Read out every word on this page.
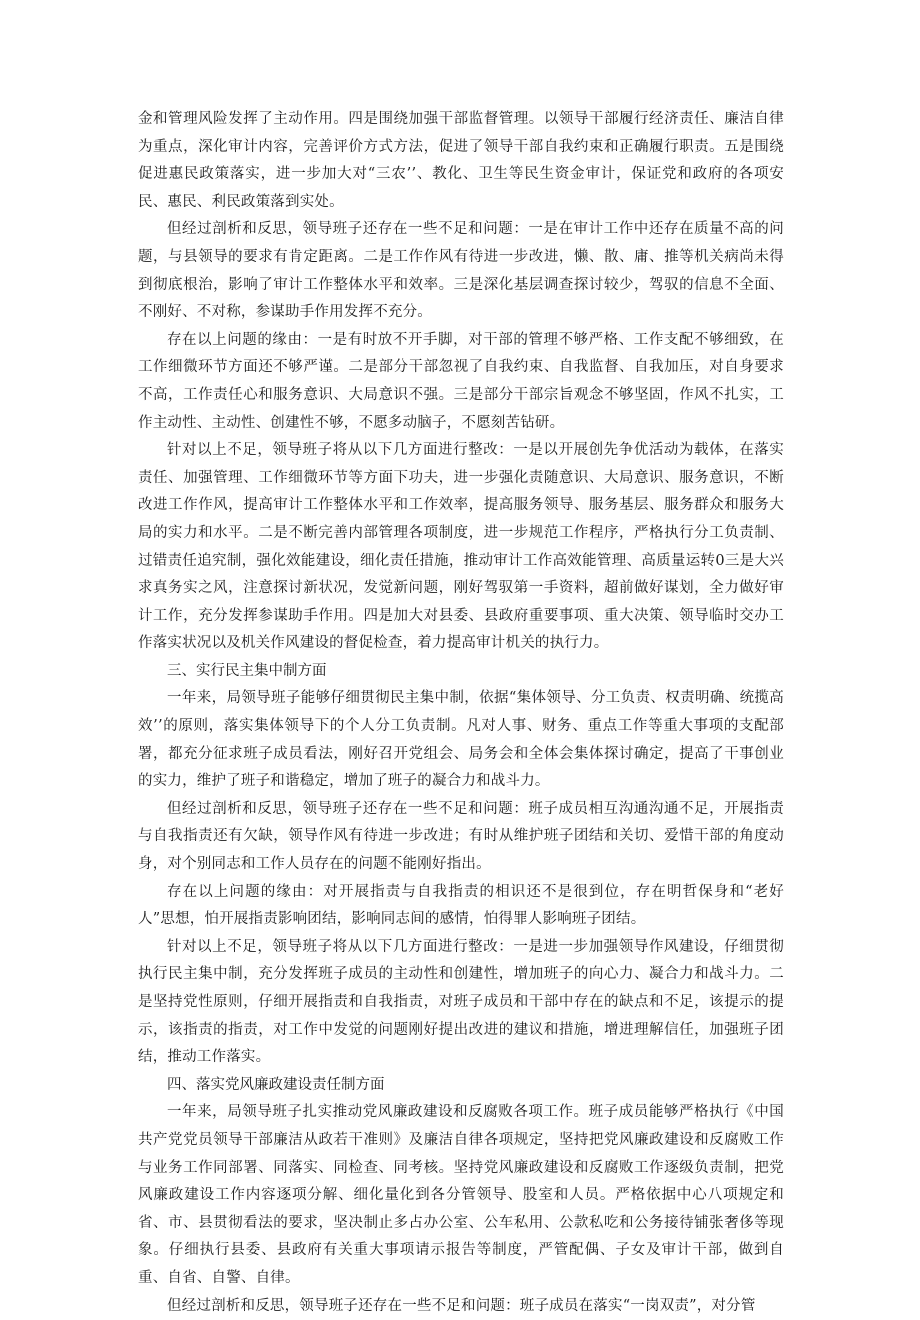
金和管理风险发挥了主动作用。四是围绕加强干部监督管理。以领导干部履行经济责任、廉洁自律为重点，深化审计内容，完善评价方式方法，促进了领导干部自我约束和正确履行职责。五是围绕促进惠民政策落实，进一步加大对“三农’’、教化、卫生等民生资金审计，保证党和政府的各项安民、惠民、利民政策落到实处。

但经过剖析和反思，领导班子还存在一些不足和问题：一是在审计工作中还存在质量不高的问题，与县领导的要求有肯定距离。二是工作作风有待进一步改进，懒、散、庸、推等机关病尚未得到彻底根治，影响了审计工作整体水平和效率。三是深化基层调查探讨较少，驾驭的信息不全面、不刚好、不对称，参谋助手作用发挥不充分。

存在以上问题的缘由：一是有时放不开手脚，对干部的管理不够严格、工作支配不够细致，在工作细微环节方面还不够严谨。二是部分干部忽视了自我约束、自我监督、自我加压，对自身要求不高，工作责任心和服务意识、大局意识不强。三是部分干部宗旨观念不够坚固，作风不扎实，工作主动性、主动性、创建性不够，不愿多动脑子，不愿刻苦钻研。

针对以上不足，领导班子将从以下几方面进行整改：一是以开展创先争优活动为载体，在落实责任、加强管理、工作细微环节等方面下功夫，进一步强化责随意识、大局意识、服务意识，不断改进工作作风，提高审计工作整体水平和工作效率，提高服务领导、服务基层、服务群众和服务大局的实力和水平。二是不断完善内部管理各项制度，进一步规范工作程序，严格执行分工负责制、过错责任追究制，强化效能建设，细化责任措施，推动审计工作高效能管理、高质量运转0三是大兴求真务实之风，注意探讨新状况，发觉新问题，刚好驾驭第一手资料，超前做好谋划，全力做好审计工作，充分发挥参谋助手作用。四是加大对县委、县政府重要事项、重大决策、领导临时交办工作落实状况以及机关作风建设的督促检查，着力提高审计机关的执行力。

三、实行民主集中制方面

一年来，局领导班子能够仔细贯彻民主集中制，依据“集体领导、分工负责、权责明确、统揽高效’’的原则，落实集体领导下的个人分工负责制。凡对人事、财务、重点工作等重大事项的支配部署，都充分征求班子成员看法，刚好召开党组会、局务会和全体会集体探讨确定，提高了干事创业的实力，维护了班子和谐稳定，增加了班子的凝合力和战斗力。

但经过剖析和反思，领导班子还存在一些不足和问题：班子成员相互沟通沟通不足，开展指责与自我指责还有欠缺，领导作风有待进一步改进；有时从维护班子团结和关切、爱惜干部的角度动身，对个别同志和工作人员存在的问题不能刚好指出。

存在以上问题的缘由：对开展指责与自我指责的相识还不是很到位，存在明哲保身和“老好人”思想，怕开展指责影响团结，影响同志间的感情，怕得罪人影响班子团结。

针对以上不足，领导班子将从以下几方面进行整改：一是进一步加强领导作风建设，仔细贯彻执行民主集中制，充分发挥班子成员的主动性和创建性，增加班子的向心力、凝合力和战斗力。二是坚持党性原则，仔细开展指责和自我指责，对班子成员和干部中存在的缺点和不足，该提示的提示，该指责的指责，对工作中发觉的问题刚好提出改进的建议和措施，增进理解信任，加强班子团结，推动工作落实。

四、落实党风廉政建设责任制方面

一年来，局领导班子扎实推动党风廉政建设和反腐败各项工作。班子成员能够严格执行《中国共产党党员领导干部廉洁从政若干准则》及廉洁自律各项规定，坚持把党风廉政建设和反腐败工作与业务工作同部署、同落实、同检查、同考核。坚持党风廉政建设和反腐败工作逐级负责制，把党风廉政建设工作内容逐项分解、细化量化到各分管领导、股室和人员。严格依据中心八项规定和省、市、县贯彻看法的要求，坚决制止多占办公室、公车私用、公款私吃和公务接待铺张奢侈等现象。仔细执行县委、县政府有关重大事项请示报告等制度，严管配偶、子女及审计干部，做到自重、自省、自警、自律。

但经过剖析和反思，领导班子还存在一些不足和问题：班子成员在落实“一岗双责”，对分管
